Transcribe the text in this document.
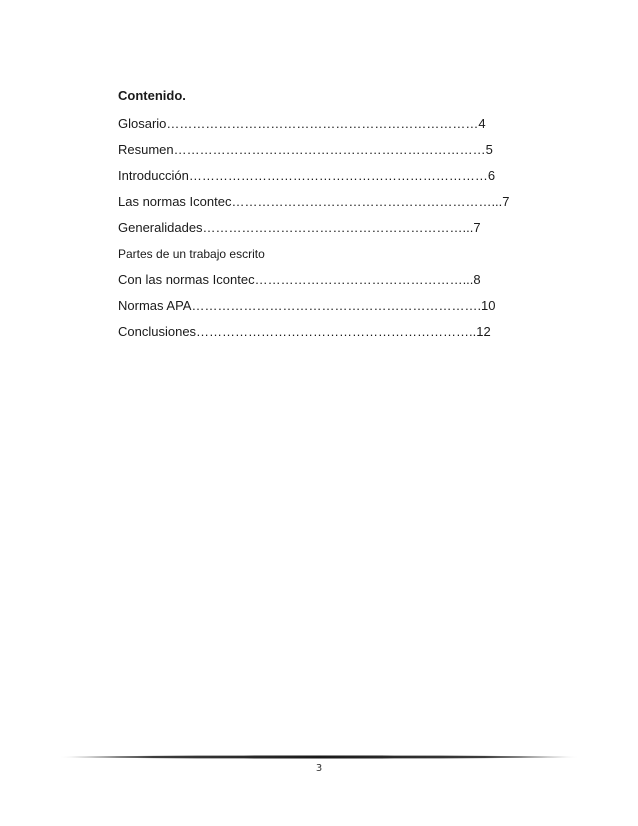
Contenido.
Glosario………………………………………………………………4
Resumen………………………………………………………………5
Introducción……………………………………………………………6
Las normas Icontec……………………………………………………...7
Generalidades……………………………………………………...7
Partes de un trabajo escrito
Con las normas Icontec…………………………………………...8
Normas APA………………………………………………………….10
Conclusiones………………………………………………………..12
3
